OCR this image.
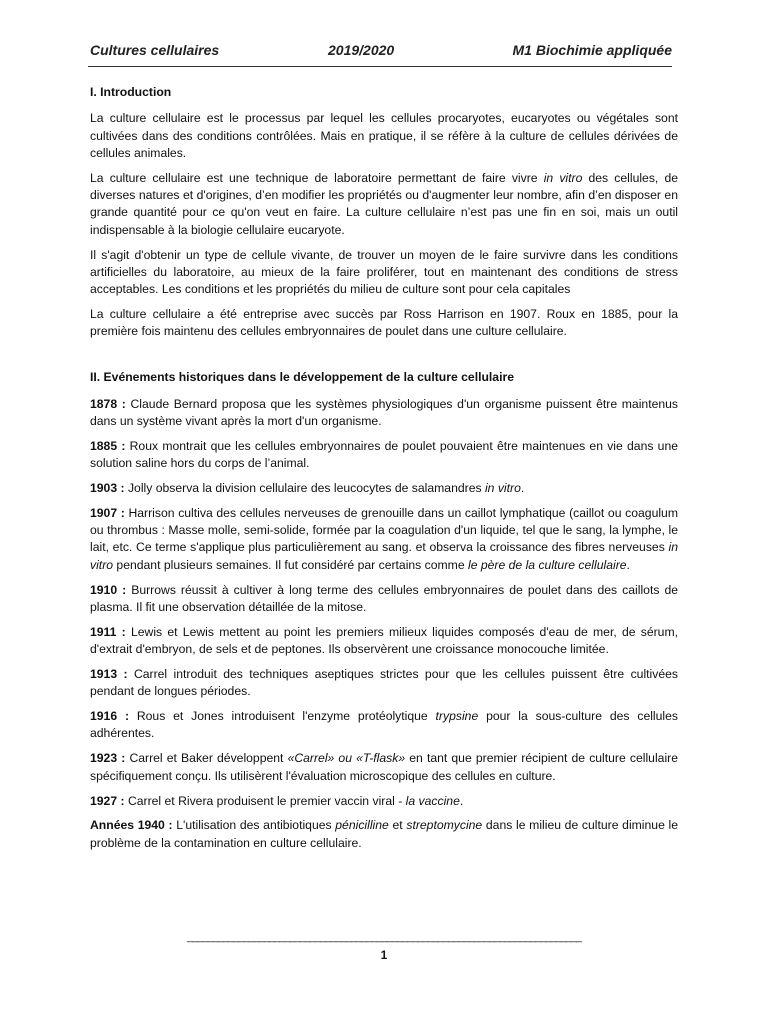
Cultures cellulaires	2019/2020	M1 Biochimie appliquée

I. Introduction

La culture cellulaire est le processus par lequel les cellules procaryotes, eucaryotes ou végétales sont cultivées dans des conditions contrôlées. Mais en pratique, il se réfère à la culture de cellules dérivées de cellules animales.

La culture cellulaire est une technique de laboratoire permettant de faire vivre in vitro des cellules, de diverses natures et d'origines, d’en modifier les propriétés ou d'augmenter leur nombre, afin d’en disposer en grande quantité pour ce qu'on veut en faire. La culture cellulaire n’est pas une fin en soi, mais un outil indispensable à la biologie cellulaire eucaryote.

Il s'agit d'obtenir un type de cellule vivante, de trouver un moyen de le faire survivre dans les conditions artificielles du laboratoire, au mieux de la faire proliférer, tout en maintenant des conditions de stress acceptables. Les conditions et les propriétés du milieu de culture sont pour cela capitales

La culture cellulaire a été entreprise avec succès par Ross Harrison en 1907. Roux en 1885, pour la première fois maintenu des cellules embryonnaires de poulet dans une culture cellulaire.

II. Evénements historiques dans le développement de la culture cellulaire

1878 : Claude Bernard proposa que les systèmes physiologiques d'un organisme puissent être maintenus dans un système vivant après la mort d'un organisme.

1885 : Roux montrait que les cellules embryonnaires de poulet pouvaient être maintenues en vie dans une solution saline hors du corps de l’animal.

1903 : Jolly observa la division cellulaire des leucocytes de salamandres in vitro.

1907 : Harrison cultiva des cellules nerveuses de grenouille dans un caillot lymphatique (caillot ou coagulum ou thrombus : Masse molle, semi-solide, formée par la coagulation d'un liquide, tel que le sang, la lymphe, le lait, etc. Ce terme s'applique plus particulièrement au sang. et observa la croissance des fibres nerveuses in vitro pendant plusieurs semaines. Il fut considéré par certains comme le père de la culture cellulaire.

1910 : Burrows réussit à cultiver à long terme des cellules embryonnaires de poulet dans des caillots de plasma. Il fit une observation détaillée de la mitose.

1911 : Lewis et Lewis mettent au point les premiers milieux liquides composés d'eau de mer, de sérum, d'extrait d'embryon, de sels et de peptones. Ils observèrent une croissance monocouche limitée.

1913 : Carrel introduit des techniques aseptiques strictes pour que les cellules puissent être cultivées pendant de longues périodes.

1916 : Rous et Jones introduisent l'enzyme protéolytique trypsine pour la sous-culture des cellules adhérentes.

1923 : Carrel et Baker développent «Carrel» ou «T-flask» en tant que premier récipient de culture cellulaire spécifiquement conçu. Ils utilisèrent l'évaluation microscopique des cellules en culture.

1927 : Carrel et Rivera produisent le premier vaccin viral - la vaccine.

Années 1940 : L'utilisation des antibiotiques pénicilline et streptomycine dans le milieu de culture diminue le problème de la contamination en culture cellulaire.

_____________________________________________________________________________
1
